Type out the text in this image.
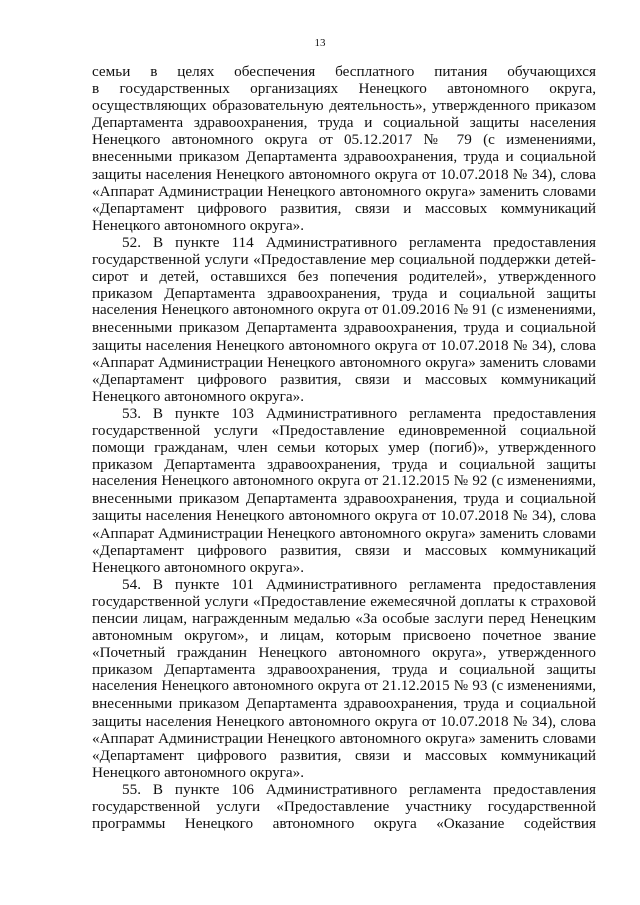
13
семьи в целях обеспечения бесплатного питания обучающихся
в государственных организациях Ненецкого автономного округа,
осуществляющих образовательную деятельность», утвержденного приказом
Департамента здравоохранения, труда и социальной защиты населения
Ненецкого автономного округа от 05.12.2017 № 79 (с изменениями,
внесенными приказом Департамента здравоохранения, труда и социальной
защиты населения Ненецкого автономного округа от 10.07.2018 № 34), слова
«Аппарат Администрации Ненецкого автономного округа» заменить словами
«Департамент цифрового развития, связи и массовых коммуникаций
Ненецкого автономного округа».
52. В пункте 114 Административного регламента предоставления
государственной услуги «Предоставление мер социальной поддержки детей-
сирот и детей, оставшихся без попечения родителей», утвержденного
приказом Департамента здравоохранения, труда и социальной защиты
населения Ненецкого автономного округа от 01.09.2016 № 91 (с изменениями,
внесенными приказом Департамента здравоохранения, труда и социальной
защиты населения Ненецкого автономного округа от 10.07.2018 № 34), слова
«Аппарат Администрации Ненецкого автономного округа» заменить словами
«Департамент цифрового развития, связи и массовых коммуникаций
Ненецкого автономного округа».
53. В пункте 103 Административного регламента предоставления
государственной услуги «Предоставление единовременной социальной
помощи гражданам, член семьи которых умер (погиб)», утвержденного
приказом Департамента здравоохранения, труда и социальной защиты
населения Ненецкого автономного округа от 21.12.2015 № 92 (с изменениями,
внесенными приказом Департамента здравоохранения, труда и социальной
защиты населения Ненецкого автономного округа от 10.07.2018 № 34), слова
«Аппарат Администрации Ненецкого автономного округа» заменить словами
«Департамент цифрового развития, связи и массовых коммуникаций
Ненецкого автономного округа».
54. В пункте 101 Административного регламента предоставления
государственной услуги «Предоставление ежемесячной доплаты к страховой
пенсии лицам, награжденным медалью «За особые заслуги перед Ненецким
автономным округом», и лицам, которым присвоено почетное звание
«Почетный гражданин Ненецкого автономного округа», утвержденного
приказом Департамента здравоохранения, труда и социальной защиты
населения Ненецкого автономного округа от 21.12.2015 № 93 (с изменениями,
внесенными приказом Департамента здравоохранения, труда и социальной
защиты населения Ненецкого автономного округа от 10.07.2018 № 34), слова
«Аппарат Администрации Ненецкого автономного округа» заменить словами
«Департамент цифрового развития, связи и массовых коммуникаций
Ненецкого автономного округа».
55. В пункте 106 Административного регламента предоставления
государственной услуги «Предоставление участнику государственной
программы Ненецкого автономного округа «Оказание содействия
